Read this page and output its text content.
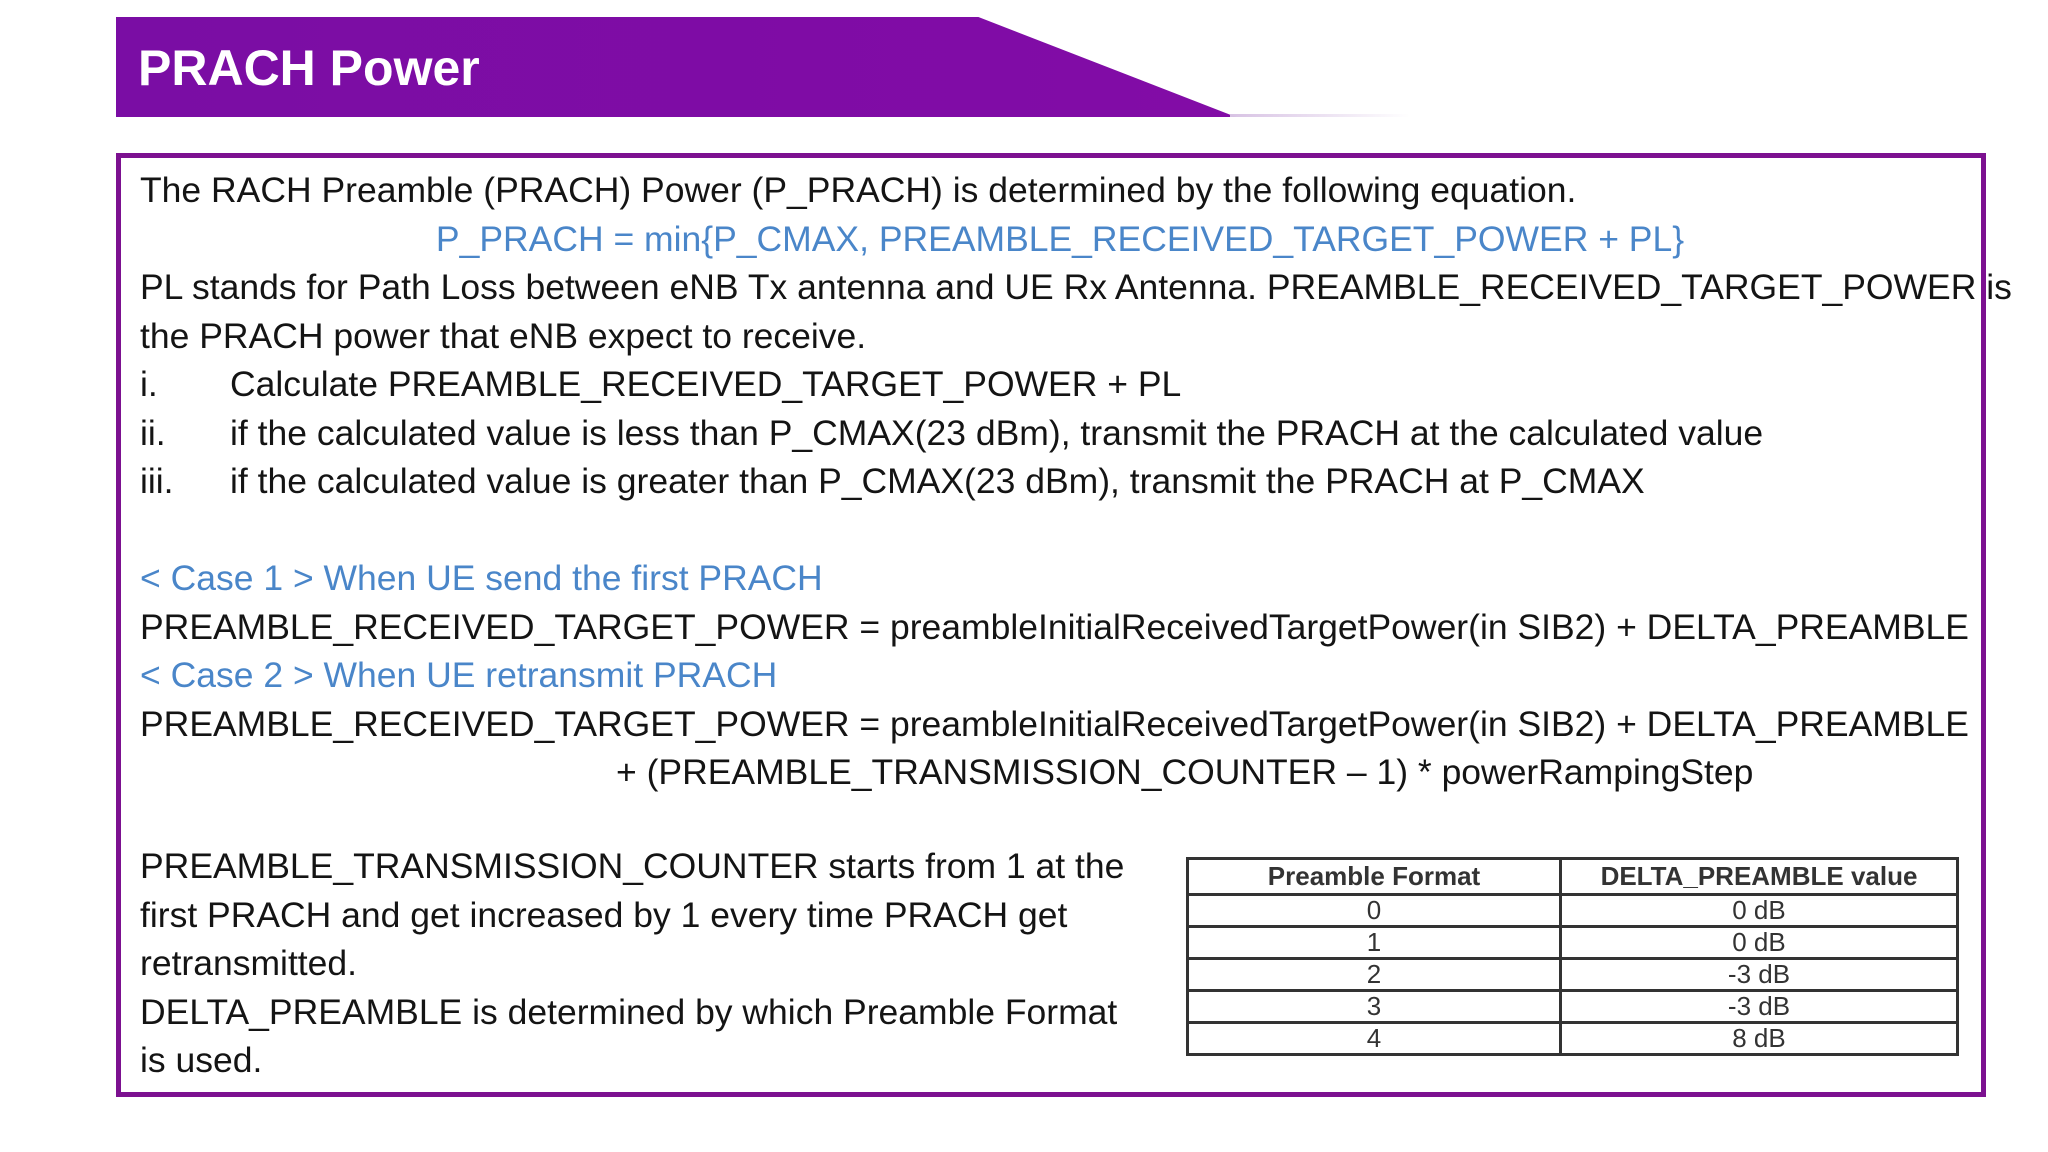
PRACH Power
The RACH Preamble (PRACH) Power (P_PRACH) is determined by the following equation.
P_PRACH = min{P_CMAX, PREAMBLE_RECEIVED_TARGET_POWER + PL}
PL stands for Path Loss between eNB Tx antenna and UE Rx Antenna. PREAMBLE_RECEIVED_TARGET_POWER is
the PRACH power that eNB expect to receive.
i. Calculate PREAMBLE_RECEIVED_TARGET_POWER + PL
ii. if the calculated value is less than P_CMAX(23 dBm), transmit the PRACH at the calculated value
iii. if the calculated value is greater than P_CMAX(23 dBm), transmit the PRACH at P_CMAX
< Case 1 > When UE send the first PRACH
PREAMBLE_RECEIVED_TARGET_POWER = preambleInitialReceivedTargetPower(in SIB2) + DELTA_PREAMBLE
< Case 2 > When UE retransmit PRACH
PREAMBLE_RECEIVED_TARGET_POWER = preambleInitialReceivedTargetPower(in SIB2) + DELTA_PREAMBLE
+ (PREAMBLE_TRANSMISSION_COUNTER – 1) * powerRampingStep
PREAMBLE_TRANSMISSION_COUNTER starts from 1 at the
first PRACH and get increased by 1 every time PRACH get
retransmitted.
DELTA_PREAMBLE is determined by which Preamble Format
is used.
Preamble Format	DELTA_PREAMBLE value
0	0 dB
1	0 dB
2	-3 dB
3	-3 dB
4	8 dB
